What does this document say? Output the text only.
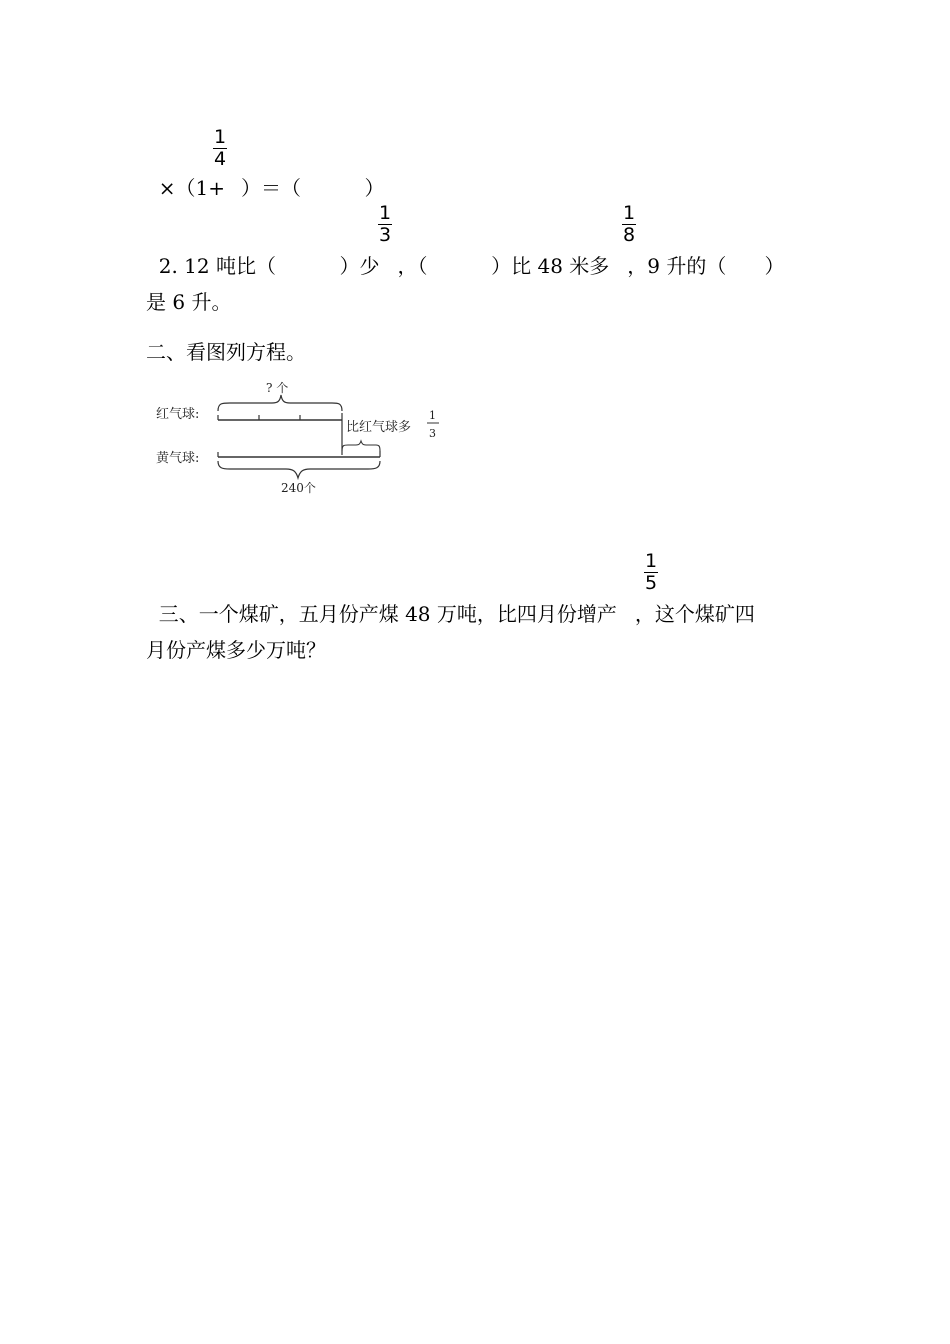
×（1+ ）＝（          ）

1
4

2. 12 吨比（          ）少 ，（          ）比 48 米多 ，9 升的（      ）

1
3
1
8
是 6 升。
二、看图列方程。
红气球:
? 个
比红气球多
1
3
黄气球:
240个

三、一个煤矿，五月份产煤 48 万吨，比四月份增产 ，这个煤矿四

1
5
月份产煤多少万吨？
